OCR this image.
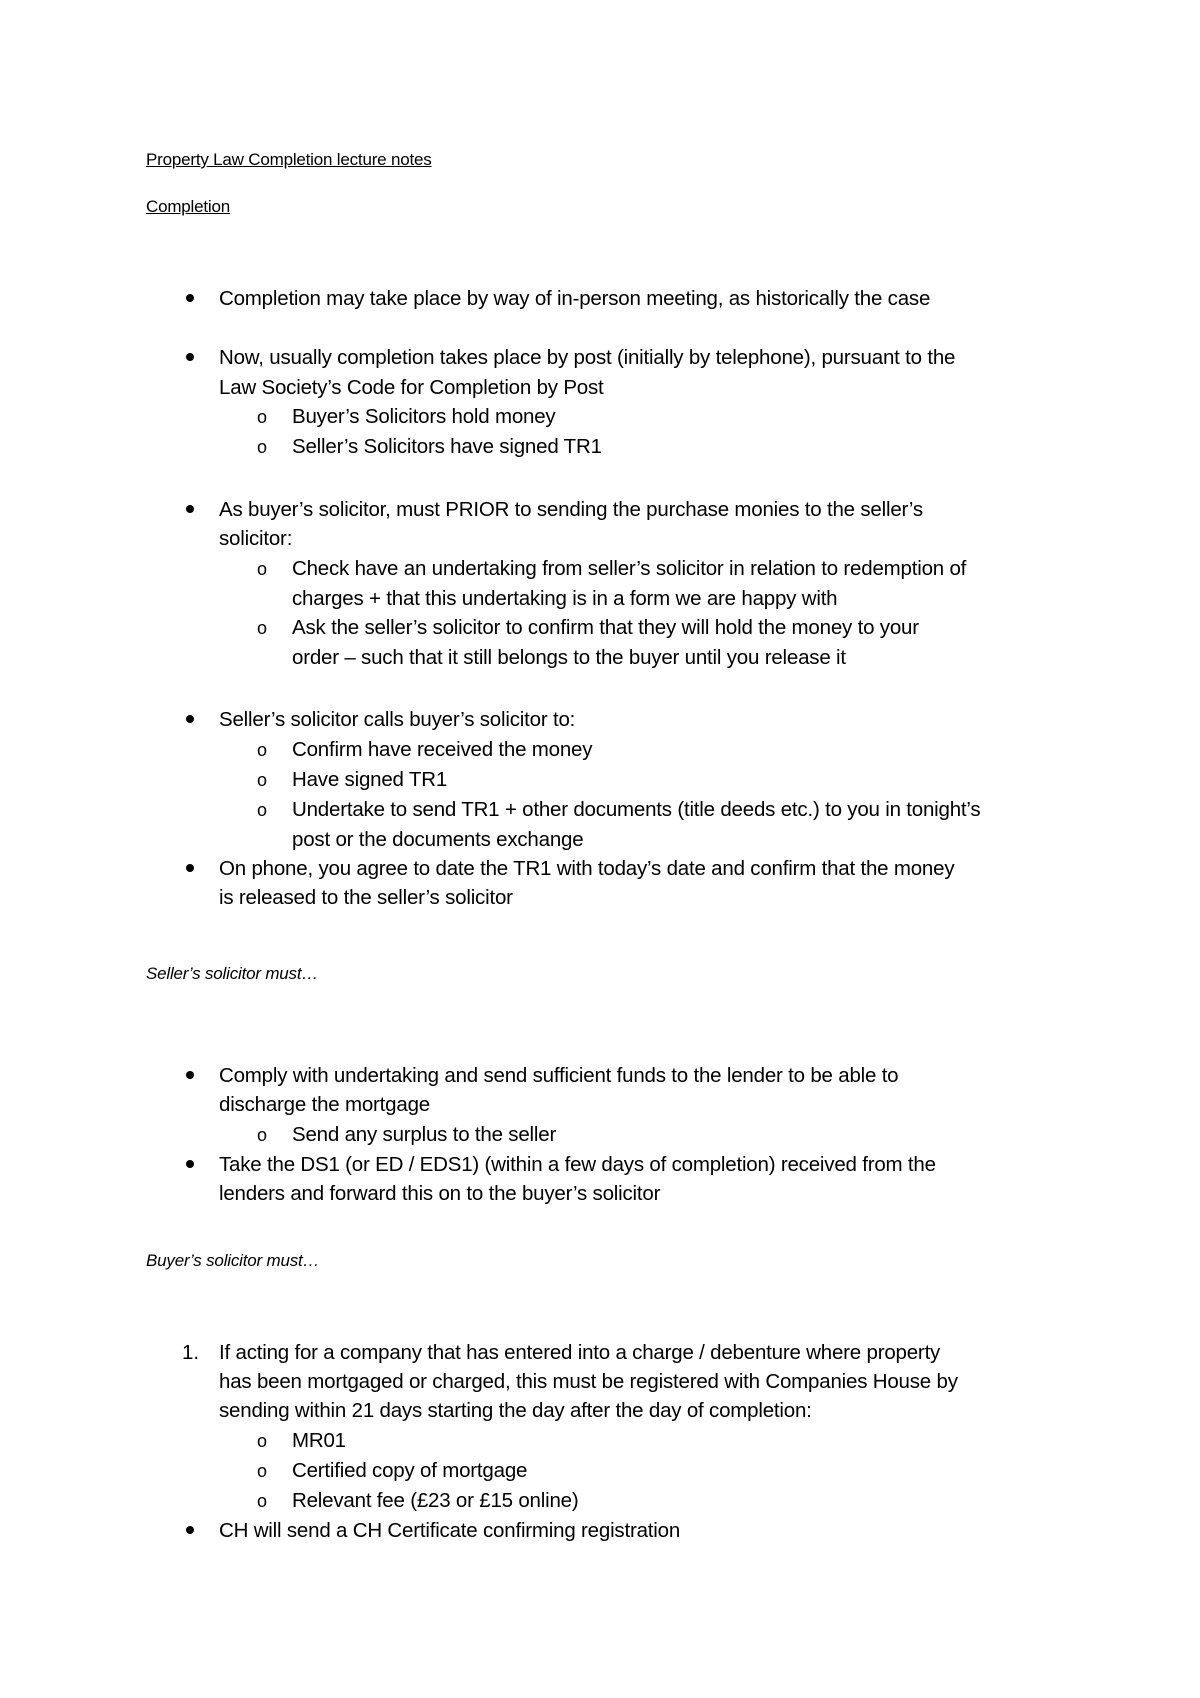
Property Law Completion lecture notes
Completion
Completion may take place by way of in-person meeting, as historically the case
Now, usually completion takes place by post (initially by telephone), pursuant to the
Law Society’s Code for Completion by Post
o Buyer’s Solicitors hold money
o Seller’s Solicitors have signed TR1
As buyer’s solicitor, must PRIOR to sending the purchase monies to the seller’s
solicitor:
o Check have an undertaking from seller’s solicitor in relation to redemption of
charges + that this undertaking is in a form we are happy with
o Ask the seller’s solicitor to confirm that they will hold the money to your
order – such that it still belongs to the buyer until you release it
Seller’s solicitor calls buyer’s solicitor to:
o Confirm have received the money
o Have signed TR1
o Undertake to send TR1 + other documents (title deeds etc.) to you in tonight’s
post or the documents exchange
On phone, you agree to date the TR1 with today’s date and confirm that the money
is released to the seller’s solicitor
Seller’s solicitor must…
Comply with undertaking and send sufficient funds to the lender to be able to
discharge the mortgage
o Send any surplus to the seller
Take the DS1 (or ED / EDS1) (within a few days of completion) received from the
lenders and forward this on to the buyer’s solicitor
Buyer’s solicitor must…
1. If acting for a company that has entered into a charge / debenture where property
has been mortgaged or charged, this must be registered with Companies House by
sending within 21 days starting the day after the day of completion:
o MR01
o Certified copy of mortgage
o Relevant fee (£23 or £15 online)
CH will send a CH Certificate confirming registration
